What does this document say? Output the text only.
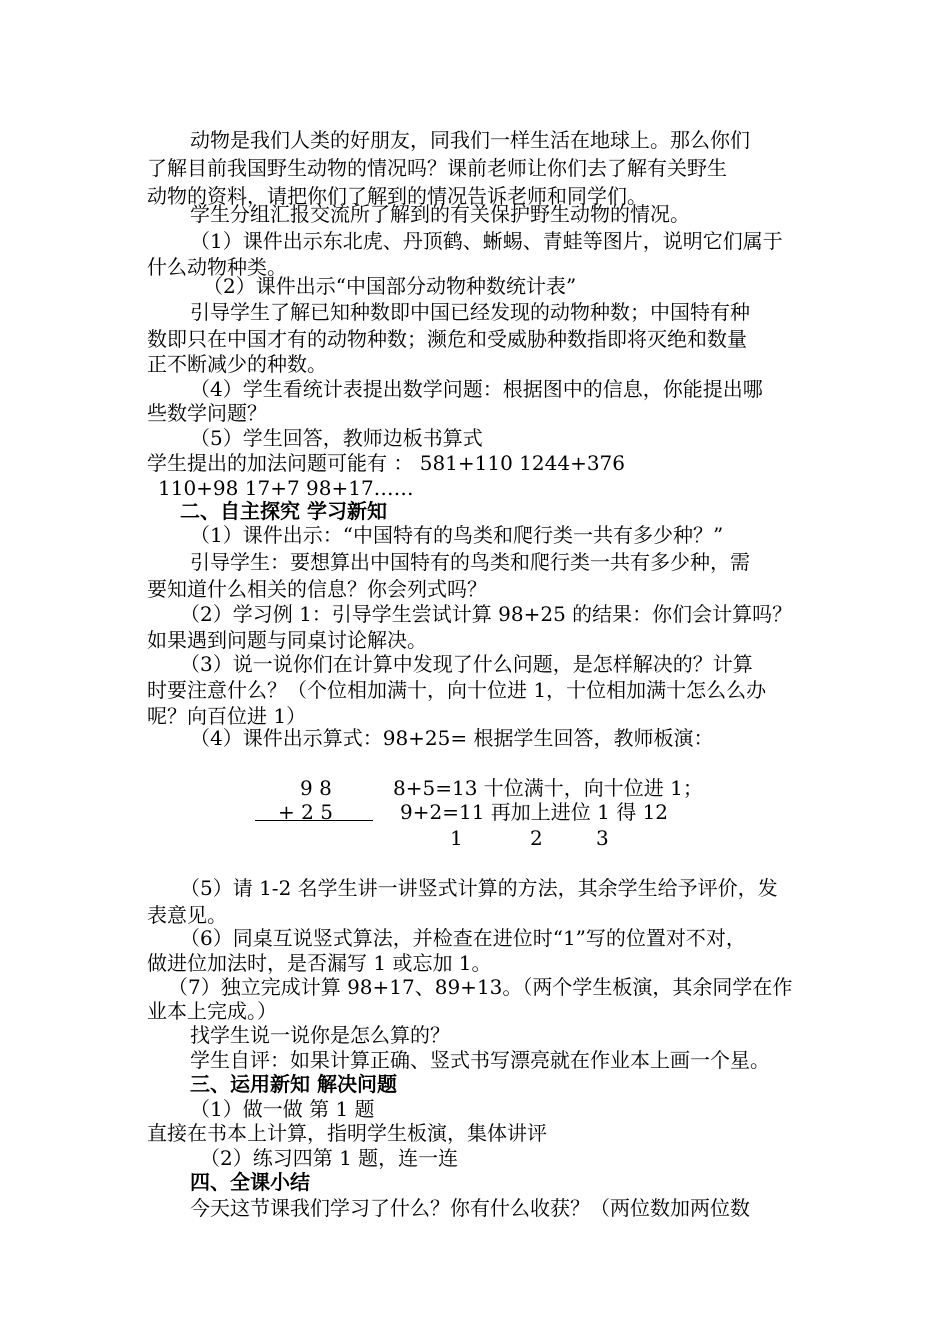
动物是我们人类的好朋友，同我们一样生活在地球上。那么你们
了解目前我国野生动物的情况吗？课前老师让你们去了解有关野生
动物的资料，请把你们了解到的情况告诉老师和同学们。
学生分组汇报交流所了解到的有关保护野生动物的情况。
（1）课件出示东北虎、丹顶鹤、蜥蜴、青蛙等图片，说明它们属于
什么动物种类。
（2）课件出示“中国部分动物种数统计表”
引导学生了解已知种数即中国已经发现的动物种数；中国特有种
数即只在中国才有的动物种数；濒危和受威胁种数指即将灭绝和数量
正不断减少的种数。
（4）学生看统计表提出数学问题：根据图中的信息，你能提出哪
些数学问题？
（5）学生回答，教师边板书算式
学生提出的加法问题可能有 ： 581+110 1244+376
110+98 17+7 98+17……
二、自主探究 学习新知
（1）课件出示：“中国特有的鸟类和爬行类一共有多少种？”
引导学生：要想算出中国特有的鸟类和爬行类一共有多少种，需
要知道什么相关的信息？你会列式吗？
（2）学习例 1：引导学生尝试计算 98+25 的结果：你们会计算吗？
如果遇到问题与同桌讨论解决。
（3）说一说你们在计算中发现了什么问题，是怎样解决的？计算
时要注意什么？（个位相加满十，向十位进 1，十位相加满十怎么么办
呢？向百位进 1）
（4）课件出示算式：98+25= 根据学生回答，教师板演：
9 8	8+5=13 十位满十，向十位进 1；
+ 2 5	9+2=11 再加上进位 1 得 12
1	2	3
（5）请 1-2 名学生讲一讲竖式计算的方法，其余学生给予评价，发
表意见。
（6）同桌互说竖式算法，并检查在进位时“1”写的位置对不对，
做进位加法时，是否漏写 1 或忘加 1。
（7）独立完成计算 98+17、89+13。（两个学生板演，其余同学在作
业本上完成。）
找学生说一说你是怎么算的？
学生自评：如果计算正确、竖式书写漂亮就在作业本上画一个星。
三、运用新知 解决问题
（1）做一做 第 1 题
直接在书本上计算，指明学生板演，集体讲评
（2）练习四第 1 题，连一连
四、全课小结
今天这节课我们学习了什么？你有什么收获？（两位数加两位数
